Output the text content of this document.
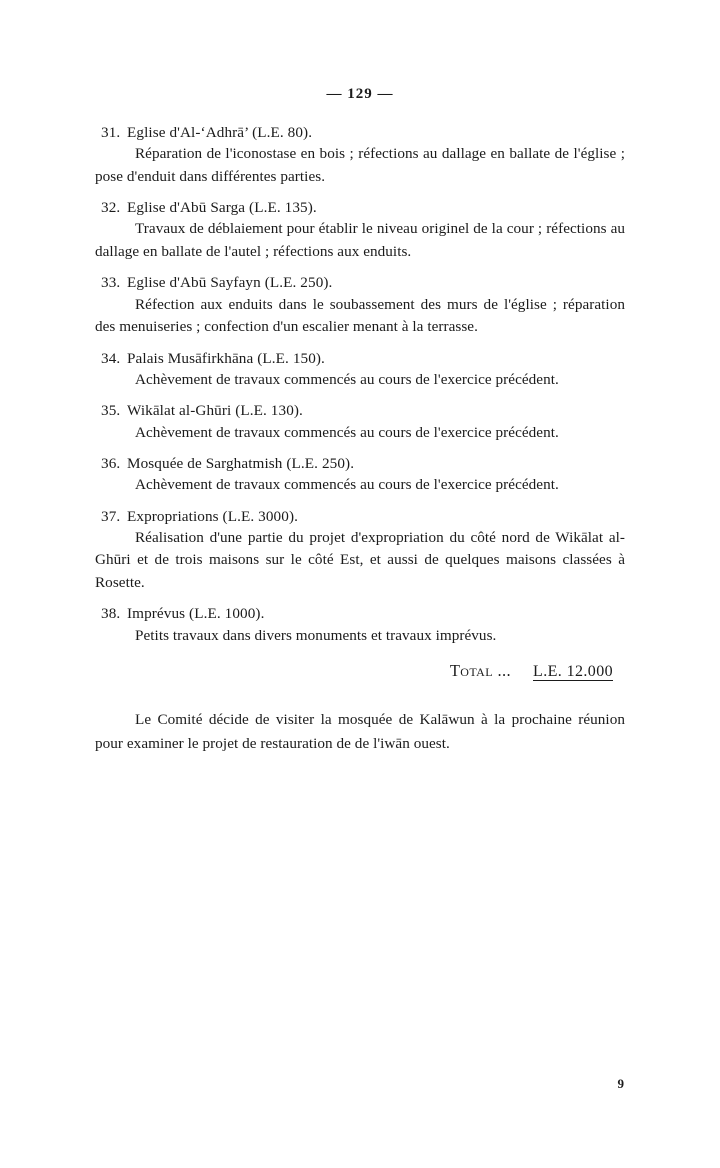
— 129 —

31. Eglise d'Al-‘Adhrā’ (L.E. 80).

Réparation de l'iconostase en bois ; réfections au dallage en ballate de l'église ; pose d'enduit dans différentes parties.

32. Eglise d'Abū Sarga (L.E. 135).

Travaux de déblaiement pour établir le niveau originel de la cour ; réfections au dallage en ballate de l'autel ; réfections aux enduits.

33. Eglise d'Abū Sayfayn (L.E. 250).

Réfection aux enduits dans le soubassement des murs de l'église ; réparation des menuiseries ; confection d'un escalier menant à la terrasse.

34. Palais Musāfirkhāna (L.E. 150).

Achèvement de travaux commencés au cours de l'exercice précédent.

35. Wikālat al-Ghūri (L.E. 130).

Achèvement de travaux commencés au cours de l'exercice précédent.

36. Mosquée de Sarghatmish (L.E. 250).

Achèvement de travaux commencés au cours de l'exercice précédent.

37. Expropriations (L.E. 3000).

Réalisation d'une partie du projet d'expropriation du côté nord de Wikālat al-Ghūri et de trois maisons sur le côté Est, et aussi de quelques maisons classées à Rosette.

38. Imprévus (L.E. 1000).

Petits travaux dans divers monuments et travaux imprévus.

Total ... L.E. 12.000

Le Comité décide de visiter la mosquée de Kalāwun à la prochaine réunion pour examiner le projet de restauration de de l'iwān ouest.

9
